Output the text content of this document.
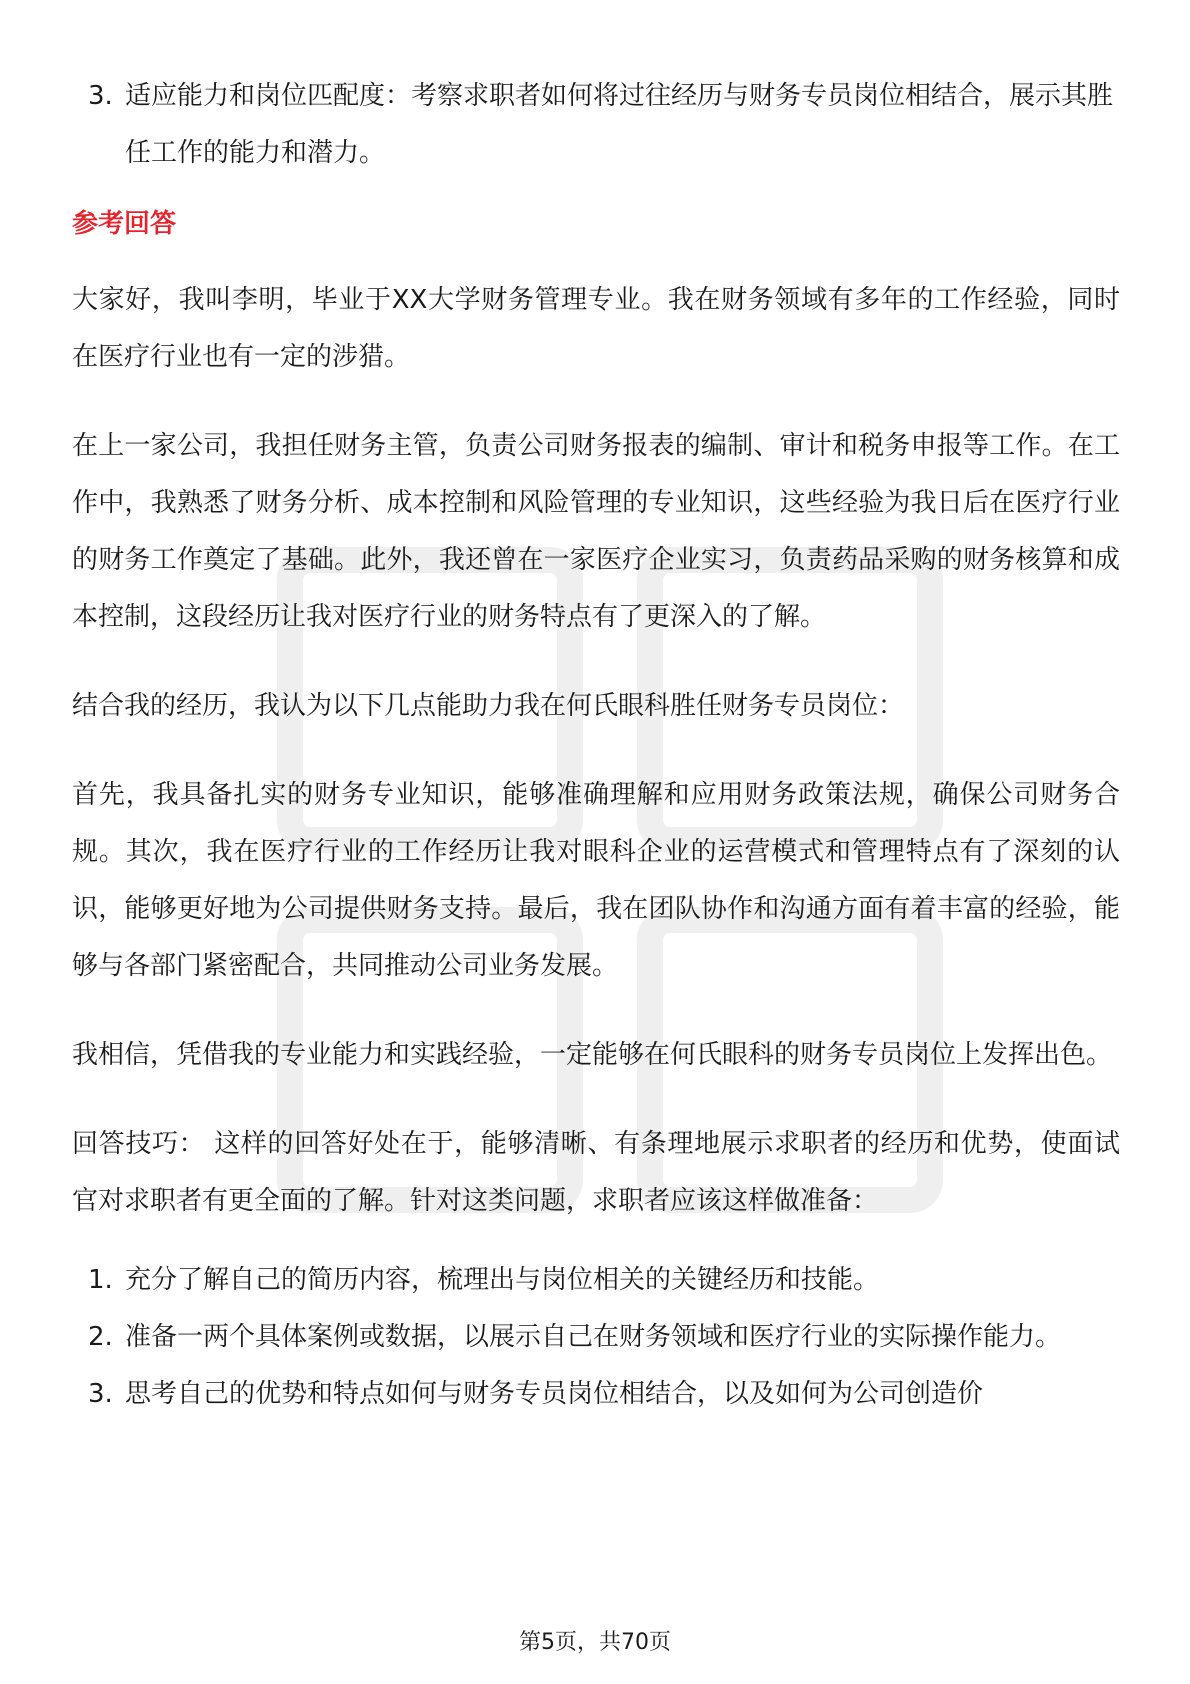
3. 适应能力和岗位匹配度：考察求职者如何将过往经历与财务专员岗位相结合，展示其胜任工作的能力和潜力。
参考回答

大家好，我叫李明，毕业于XX大学财务管理专业。我在财务领域有多年的工作经验，同时在医疗行业也有一定的涉猎。

在上一家公司，我担任财务主管，负责公司财务报表的编制、审计和税务申报等工作。在工作中，我熟悉了财务分析、成本控制和风险管理的专业知识，这些经验为我日后在医疗行业的财务工作奠定了基础。此外，我还曾在一家医疗企业实习，负责药品采购的财务核算和成本控制，这段经历让我对医疗行业的财务特点有了更深入的了解。

结合我的经历，我认为以下几点能助力我在何氏眼科胜任财务专员岗位：

首先，我具备扎实的财务专业知识，能够准确理解和应用财务政策法规，确保公司财务合规。其次，我在医疗行业的工作经历让我对眼科企业的运营模式和管理特点有了深刻的认识，能够更好地为公司提供财务支持。最后，我在团队协作和沟通方面有着丰富的经验，能够与各部门紧密配合，共同推动公司业务发展。

我相信，凭借我的专业能力和实践经验，一定能够在何氏眼科的财务专员岗位上发挥出色。

回答技巧： 这样的回答好处在于，能够清晰、有条理地展示求职者的经历和优势，使面试官对求职者有更全面的了解。针对这类问题，求职者应该这样做准备：

1. 充分了解自己的简历内容，梳理出与岗位相关的关键经历和技能。
2. 准备一两个具体案例或数据，以展示自己在财务领域和医疗行业的实际操作能力。
3. 思考自己的优势和特点如何与财务专员岗位相结合，以及如何为公司创造价
第5页，共70页
